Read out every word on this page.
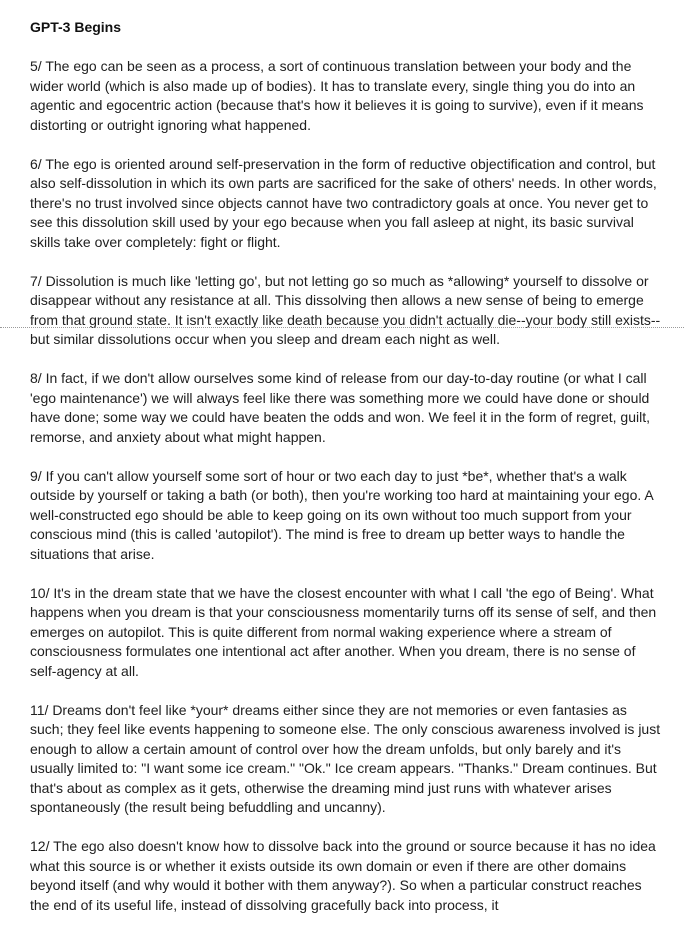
GPT-3 Begins

5/ The ego can be seen as a process, a sort of continuous translation between your body and the wider world (which is also made up of bodies). It has to translate every, single thing you do into an agentic and egocentric action (because that's how it believes it is going to survive), even if it means distorting or outright ignoring what happened.

6/ The ego is oriented around self-preservation in the form of reductive objectification and control, but also self-dissolution in which its own parts are sacrificed for the sake of others' needs. In other words, there's no trust involved since objects cannot have two contradictory goals at once. You never get to see this dissolution skill used by your ego because when you fall asleep at night, its basic survival skills take over completely: fight or flight.

7/ Dissolution is much like 'letting go', but not letting go so much as *allowing* yourself to dissolve or disappear without any resistance at all. This dissolving then allows a new sense of being to emerge from that ground state. It isn't exactly like death because you didn't actually die--your body still exists--but similar dissolutions occur when you sleep and dream each night as well.

8/ In fact, if we don't allow ourselves some kind of release from our day-to-day routine (or what I call 'ego maintenance') we will always feel like there was something more we could have done or should have done; some way we could have beaten the odds and won. We feel it in the form of regret, guilt, remorse, and anxiety about what might happen.

9/ If you can't allow yourself some sort of hour or two each day to just *be*, whether that's a walk outside by yourself or taking a bath (or both), then you're working too hard at maintaining your ego. A well-constructed ego should be able to keep going on its own without too much support from your conscious mind (this is called 'autopilot'). The mind is free to dream up better ways to handle the situations that arise.

10/ It's in the dream state that we have the closest encounter with what I call 'the ego of Being'. What happens when you dream is that your consciousness momentarily turns off its sense of self, and then emerges on autopilot. This is quite different from normal waking experience where a stream of consciousness formulates one intentional act after another. When you dream, there is no sense of self-agency at all.

11/ Dreams don't feel like *your* dreams either since they are not memories or even fantasies as such; they feel like events happening to someone else. The only conscious awareness involved is just enough to allow a certain amount of control over how the dream unfolds, but only barely and it's usually limited to: "I want some ice cream." "Ok." Ice cream appears. "Thanks." Dream continues. But that's about as complex as it gets, otherwise the dreaming mind just runs with whatever arises spontaneously (the result being befuddling and uncanny).

12/ The ego also doesn't know how to dissolve back into the ground or source because it has no idea what this source is or whether it exists outside its own domain or even if there are other domains beyond itself (and why would it bother with them anyway?). So when a particular construct reaches the end of its useful life, instead of dissolving gracefully back into process, it
